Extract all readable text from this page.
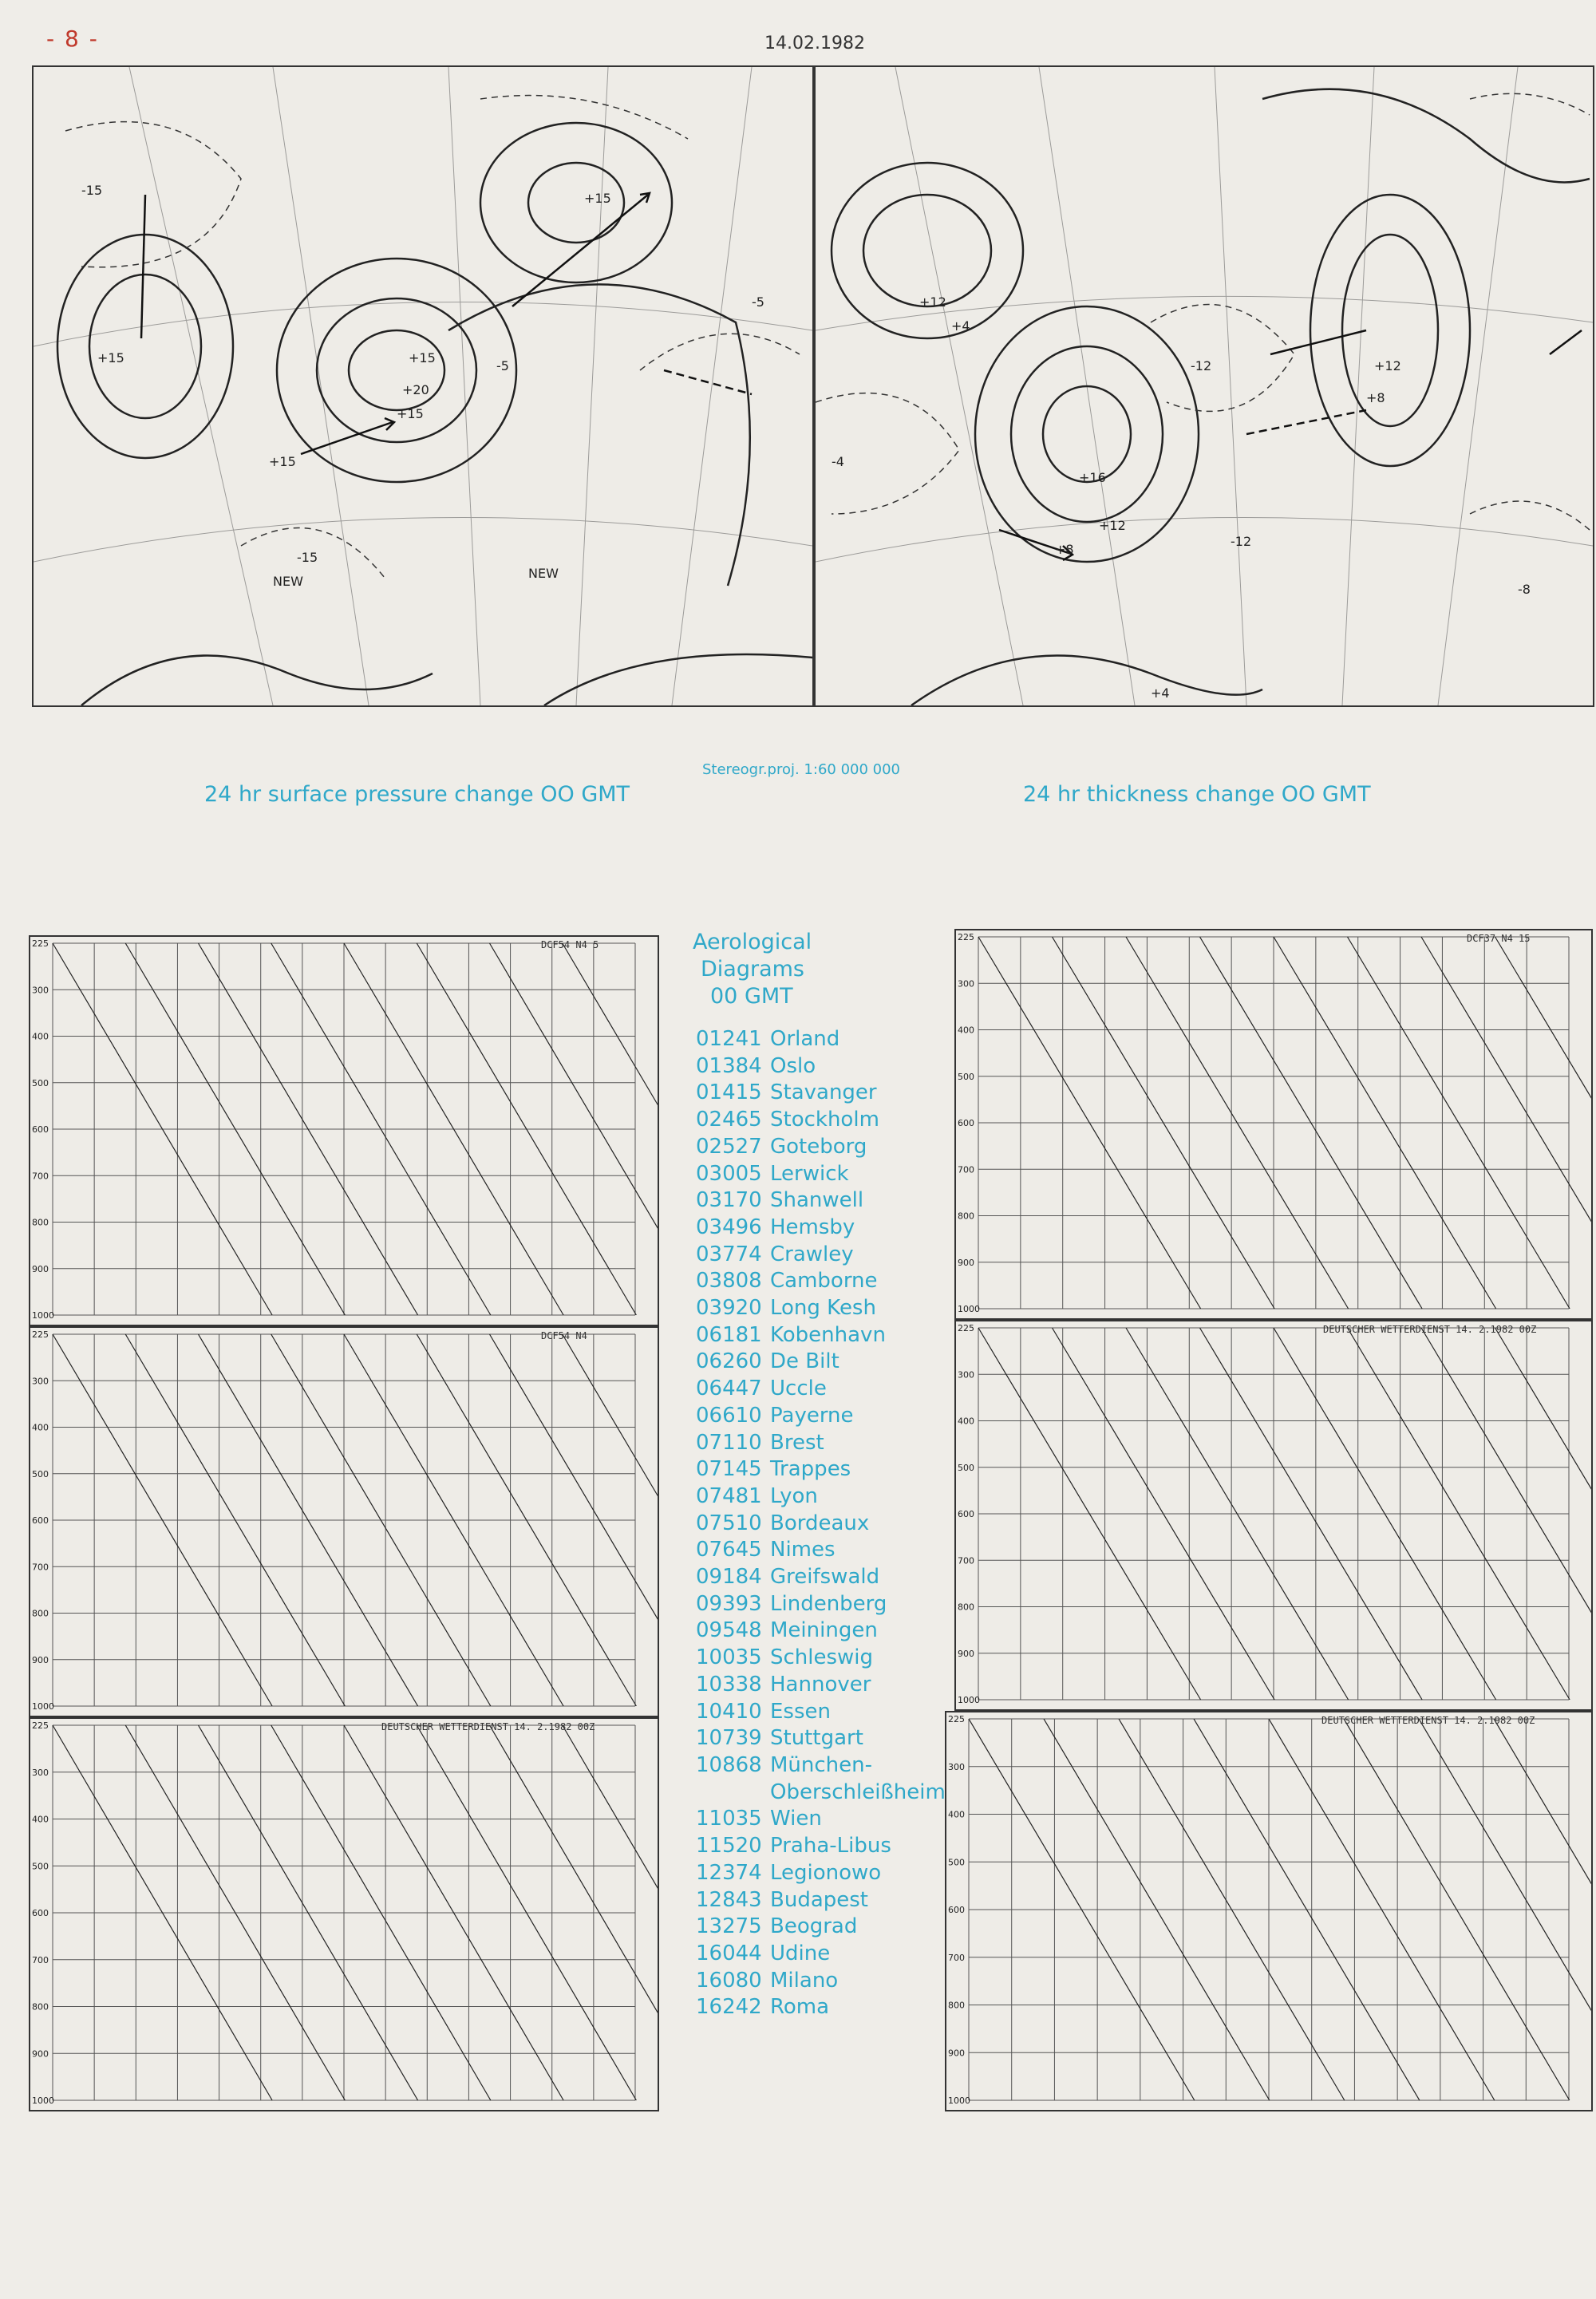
- 8 -	14.02.1982
+15
+20
+15
+15
+15
+15
-15
-5
-5
-15
NEW
NEW
+16
+12
+8
+12
+4
+12
+8
-4
-12
-12
-8
+4
Stereogr.proj. 1:60 000 000
24 hr surface pressure change OO GMT	24 hr thickness change OO GMT
DCF54 N4 5
225
300
400
500
600
700
800
900
1000
DCF54 N4
225
300
400
500
600
700
800
900
1000
DEUTSCHER WETTERDIENST 14. 2.1982 00Z
225
300
400
500
600
700
800
900
1000
DCF37 N4 15
225
300
400
500
600
700
800
900
1000
DEUTSCHER WETTERDIENST 14. 2.1982 00Z
225
300
400
500
600
700
800
900
1000
DEUTSCHER WETTERDIENST 14. 2.1982 00Z
225
300
400
500
600
700
800
900
1000
Aerological
Diagrams
00 GMT
01241 Orland
01384 Oslo
01415 Stavanger
02465 Stockholm
02527 Goteborg
03005 Lerwick
03170 Shanwell
03496 Hemsby
03774 Crawley
03808 Camborne
03920 Long Kesh
06181 Kobenhavn
06260 De Bilt
06447 Uccle
06610 Payerne
07110 Brest
07145 Trappes
07481 Lyon
07510 Bordeaux
07645 Nimes
09184 Greifswald
09393 Lindenberg
09548 Meiningen
10035 Schleswig
10338 Hannover
10410 Essen
10739 Stuttgart
10868 München-
Oberschleißheim
11035 Wien
11520 Praha-Libus
12374 Legionowo
12843 Budapest
13275 Beograd
16044 Udine
16080 Milano
16242 Roma
